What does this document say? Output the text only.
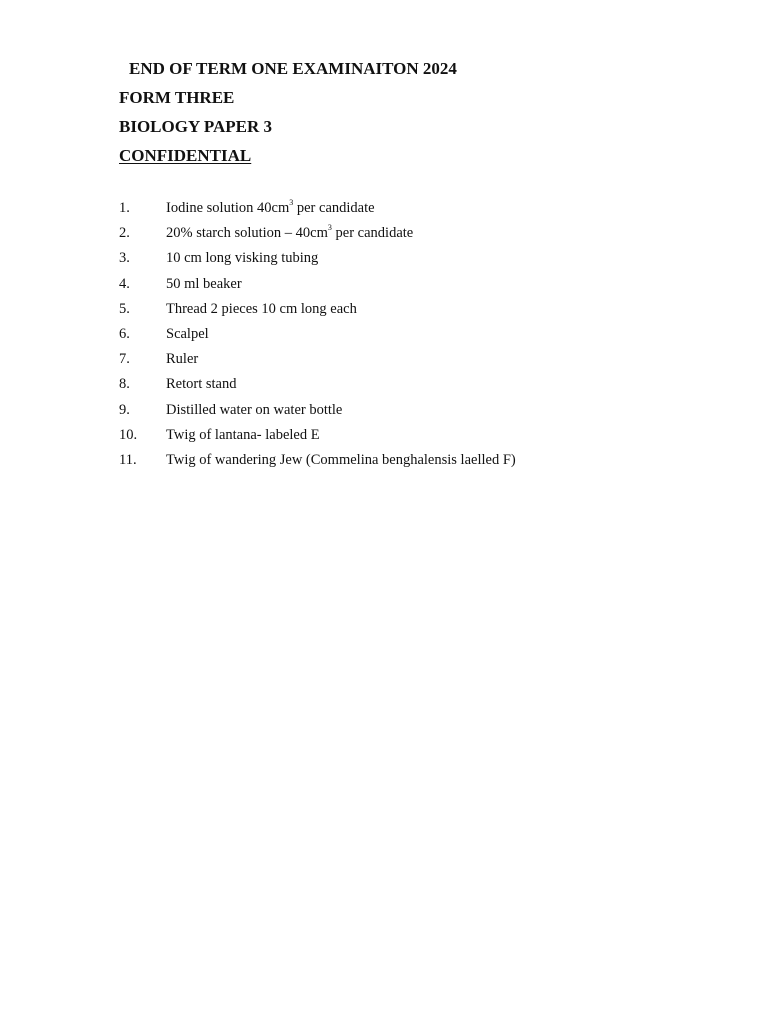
END OF TERM ONE EXAMINAITON 2024
FORM THREE
BIOLOGY PAPER 3
CONFIDENTIAL
1. Iodine solution $40cm^3$ per candidate
2. 20% starch solution – $40cm^3$ per candidate
3. 10 cm long visking tubing
4. 50 ml beaker
5. Thread 2 pieces 10 cm long each
6. Scalpel
7. Ruler
8. Retort stand
9. Distilled water on water bottle
10. Twig of lantana- labeled E
11. Twig of wandering Jew (Commelina benghalensis laelled F)
